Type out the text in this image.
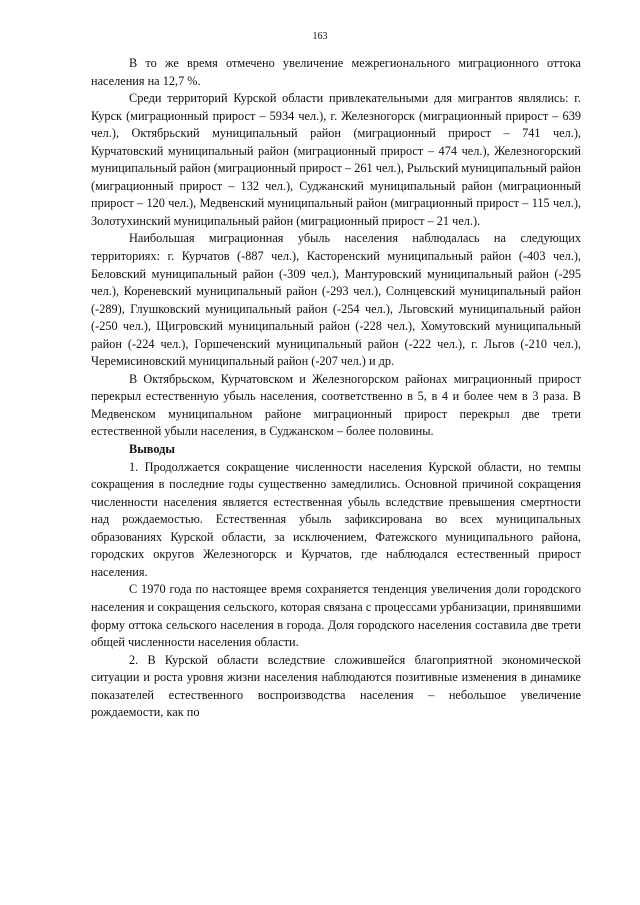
163

В то же время отмечено увеличение межрегионального миграционного оттока населения на 12,7 %.

Среди территорий Курской области привлекательными для мигрантов являлись: г. Курск (миграционный прирост – 5934 чел.), г. Железногорск (миграционный прирост – 639 чел.), Октябрьский муниципальный район (миграционный прирост – 741 чел.), Курчатовский муниципальный район (миграционный прирост – 474 чел.), Железногорский муниципальный район (миграционный прирост – 261 чел.), Рыльский муниципальный район (миграционный прирост – 132 чел.), Суджанский муниципальный район (миграционный прирост – 120 чел.), Медвенский муниципальный район (миграционный прирост – 115 чел.), Золотухинский муниципальный район (миграционный прирост – 21 чел.).

Наибольшая миграционная убыль населения наблюдалась на следующих территориях: г. Курчатов (-887 чел.), Касторенский муниципальный район (-403 чел.), Беловский муниципальный район (-309 чел.), Мантуровский муниципальный район (-295 чел.), Кореневский муниципальный район (-293 чел.), Солнцевский муниципальный район (-289), Глушковский муниципальный район (-254 чел.), Льговский муниципальный район (-250 чел.), Щигровский муниципальный район (-228 чел.), Хомутовский муниципальный район (-224 чел.), Горшеченский муниципальный район (-222 чел.), г. Льгов (-210 чел.), Черемисиновский муниципальный район (-207 чел.) и др.

В Октябрьском, Курчатовском и Железногорском районах миграционный прирост перекрыл естественную убыль населения, соответственно в 5, в 4 и более чем в 3 раза. В Медвенском муниципальном районе миграционный прирост перекрыл две трети естественной убыли населения, в Суджанском – более половины.

Выводы

1. Продолжается сокращение численности населения Курской области, но темпы сокращения в последние годы существенно замедлились. Основной причиной сокращения численности населения является естественная убыль вследствие превышения смертности над рождаемостью. Естественная убыль зафиксирована во всех муниципальных образованиях Курской области, за исключением, Фатежского муниципального района, городских округов Железногорск и Курчатов, где наблюдался естественный прирост населения.

С 1970 года по настоящее время сохраняется тенденция увеличения доли городского населения и сокращения сельского, которая связана с процессами урбанизации, принявшими форму оттока сельского населения в города. Доля городского населения составила две трети общей численности населения области.

2. В Курской области вследствие сложившейся благоприятной экономической ситуации и роста уровня жизни населения наблюдаются позитивные изменения в динамике показателей естественного воспроизводства населения – небольшое увеличение рождаемости, как по
